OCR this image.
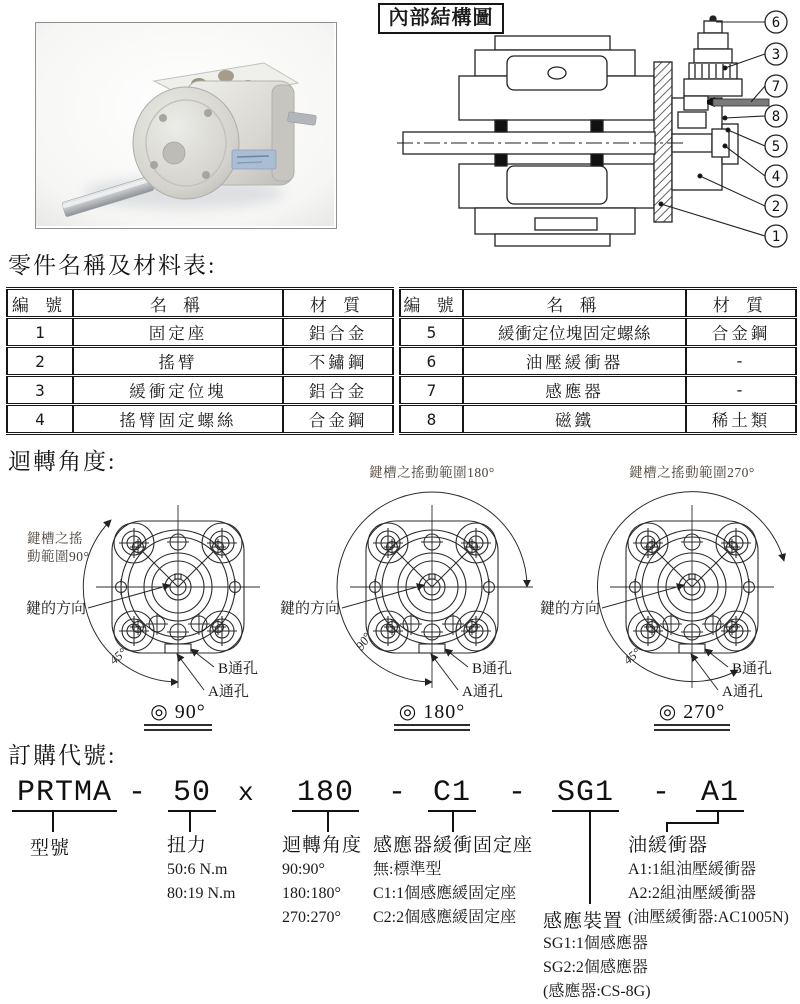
內部結構圖	6
3
7
8
5
4
2
1
零件名稱及材料表:
編 號	名 稱	材 質
1	固定座	鋁合金
2	搖臂	不鏽鋼
3	緩衝定位塊	鋁合金
4	搖臂固定螺絲	合金鋼
編 號	名 稱	材 質
5	緩衝定位塊固定螺絲	合金鋼
6	油壓緩衝器	-
7	感應器	-
8	磁鐵	稀土類
迴轉角度:
鍵槽之搖
動範圍90°
鍵的方向
45°
B通孔
A通孔
◎ 90°
鍵槽之搖動範圍180°
鍵的方向
90°
B通孔
A通孔
◎ 180°
鍵槽之搖動範圍270°
鍵的方向
45°
B通孔
A通孔
◎ 270°
訂購代號:
PRTMA - 50 x 180 - C1 - SG1 - A1
型號	扭力
50:6 N.m
80:19 N.m
迴轉角度
90:90°
180:180°
270:270°
感應器緩衝固定座
無:標準型
C1:1個感應緩固定座
C2:2個感應緩固定座
油緩衝器
A1:1組油壓緩衝器
A2:2組油壓緩衝器
(油壓緩衝器:AC1005N)
感應裝置
SG1:1個感應器
SG2:2個感應器
(感應器:CS-8G)
